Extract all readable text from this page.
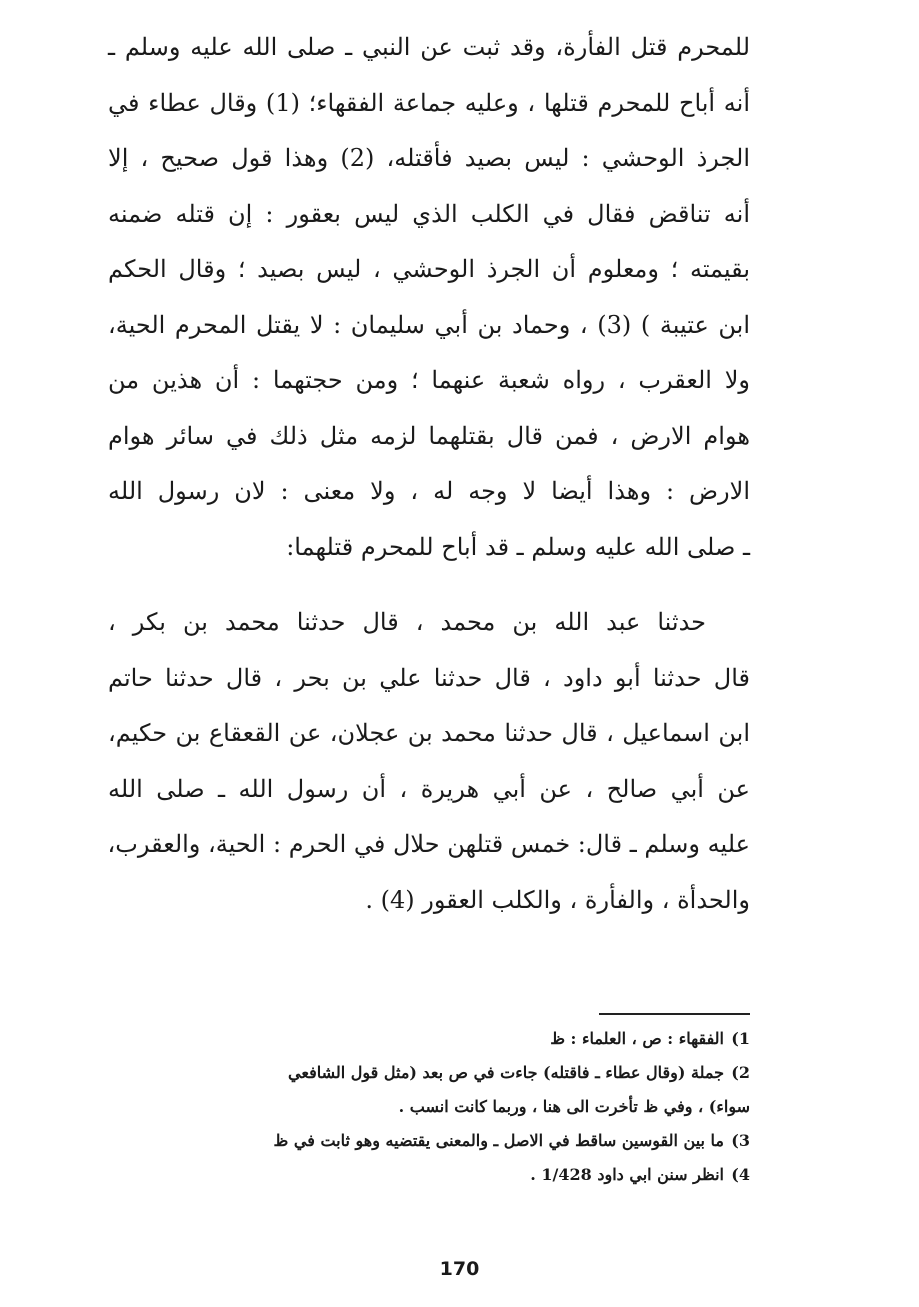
للمحرم قتل الفأرة، وقد ثبت عن النبي ـ صلى الله عليه وسلم ـ
أنه أباح للمحرم قتلها ، وعليه جماعة الفقهاء؛ (1) وقال عطاء في
الجرذ الوحشي : ليس بصيد فأقتله، (2) وهذا قول صحيح ، إلا
أنه تناقض فقال في الكلب الذي ليس بعقور : إن قتله ضمنه
بقيمته ؛ ومعلوم أن الجرذ الوحشي ، ليس بصيد ؛ وقال الحكم
ابن عتيبة ) (3) ، وحماد بن أبي سليمان : لا يقتل المحرم الحية،
ولا العقرب ، رواه شعبة عنهما ؛ ومن حجتهما : أن هذين من
هوام الارض ، فمن قال بقتلهما لزمه مثل ذلك في سائر هوام
الارض : وهذا أيضا لا وجه له ، ولا معنى : لان رسول الله
ـ صلى الله عليه وسلم ـ قد أباح للمحرم قتلهما:
حدثنا عبد الله بن محمد ، قال حدثنا محمد بن بكر ،
قال حدثنا أبو داود ، قال حدثنا علي بن بحر ، قال حدثنا حاتم
ابن اسماعيل ، قال حدثنا محمد بن عجلان، عن القعقاع بن حكيم،
عن أبي صالح ، عن أبي هريرة ، أن رسول الله ـ صلى الله
عليه وسلم ـ قال: خمس قتلهن حلال في الحرم : الحية، والعقرب،
والحدأة ، والفأرة ، والكلب العقور (4) .
1)الفقهاء : ص ، العلماء : ظ
2)جملة (وقال عطاء ـ فاقتله) جاءت في ص بعد (مثل قول الشافعي
سواء) ، وفي ظ تأخرت الى هنا ، وربما كانت انسب .
3)ما بين القوسين ساقط في الاصل ـ والمعنى يقتضيه وهو ثابت في ظ
4)انظر سنن ابي داود 1/428 .
170
